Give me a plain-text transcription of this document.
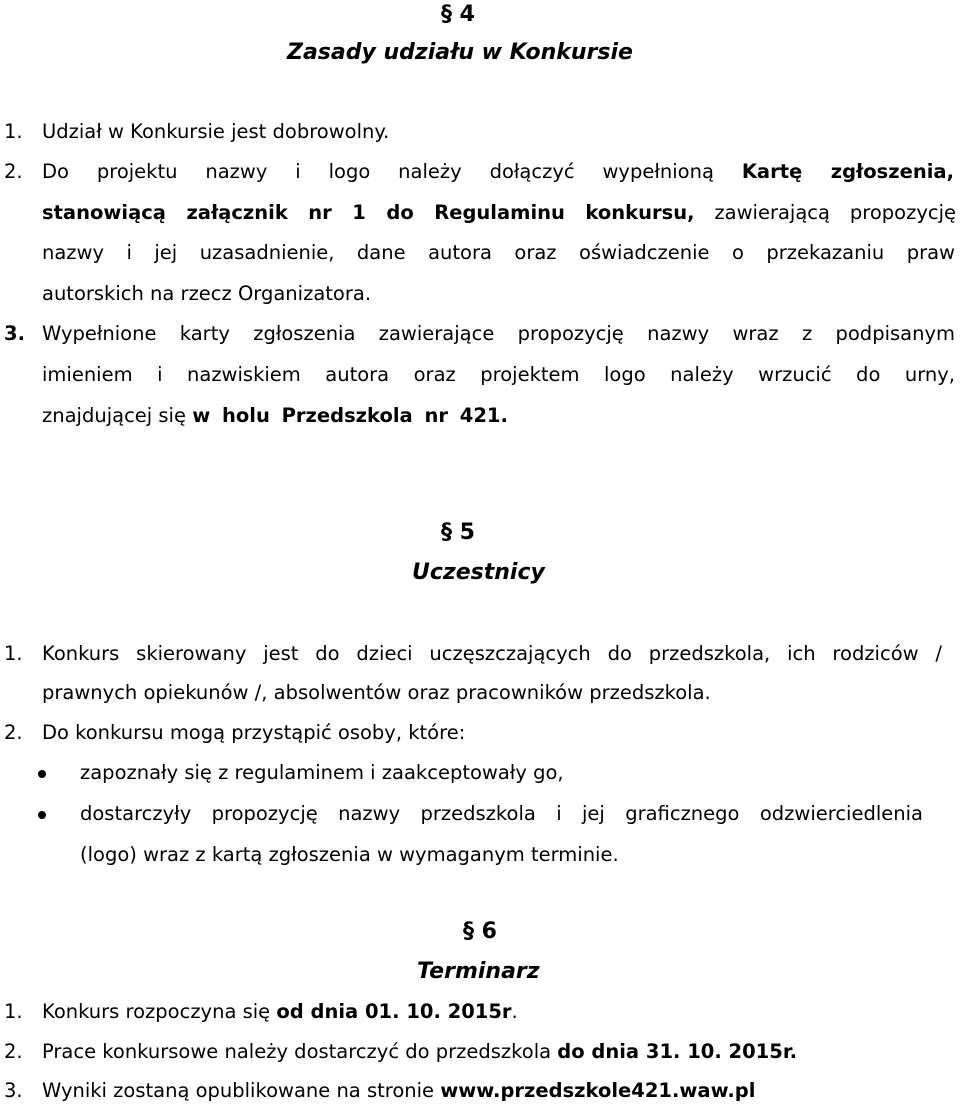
§ 4
Zasady udziału w Konkursie
1. Udział w Konkursie jest dobrowolny.
2. Do projektu nazwy i logo należy dołączyć wypełnioną Kartę zgłoszenia,
stanowiącą załącznik nr 1 do Regulaminu konkursu, zawierającą propozycję
nazwy i jej uzasadnienie, dane autora oraz oświadczenie o przekazaniu praw
autorskich na rzecz Organizatora.
3. Wypełnione karty zgłoszenia zawierające propozycję nazwy wraz z podpisanym
imieniem i nazwiskiem autora oraz projektem logo należy wrzucić do urny,
znajdującej się w holu Przedszkola nr 421.
§ 5
Uczestnicy
1. Konkurs skierowany jest do dzieci uczęszczających do przedszkola, ich rodziców /
prawnych opiekunów /, absolwentów oraz pracowników przedszkola.
2. Do konkursu mogą przystąpić osoby, które:
zapoznały się z regulaminem i zaakceptowały go,
dostarczyły propozycję nazwy przedszkola i jej graficznego odzwierciedlenia
(logo) wraz z kartą zgłoszenia w wymaganym terminie.
§ 6
Terminarz
1. Konkurs rozpoczyna się od dnia 01. 10. 2015r.
2. Prace konkursowe należy dostarczyć do przedszkola do dnia 31. 10. 2015r.
3. Wyniki zostaną opublikowane na stronie www.przedszkole421.waw.pl
